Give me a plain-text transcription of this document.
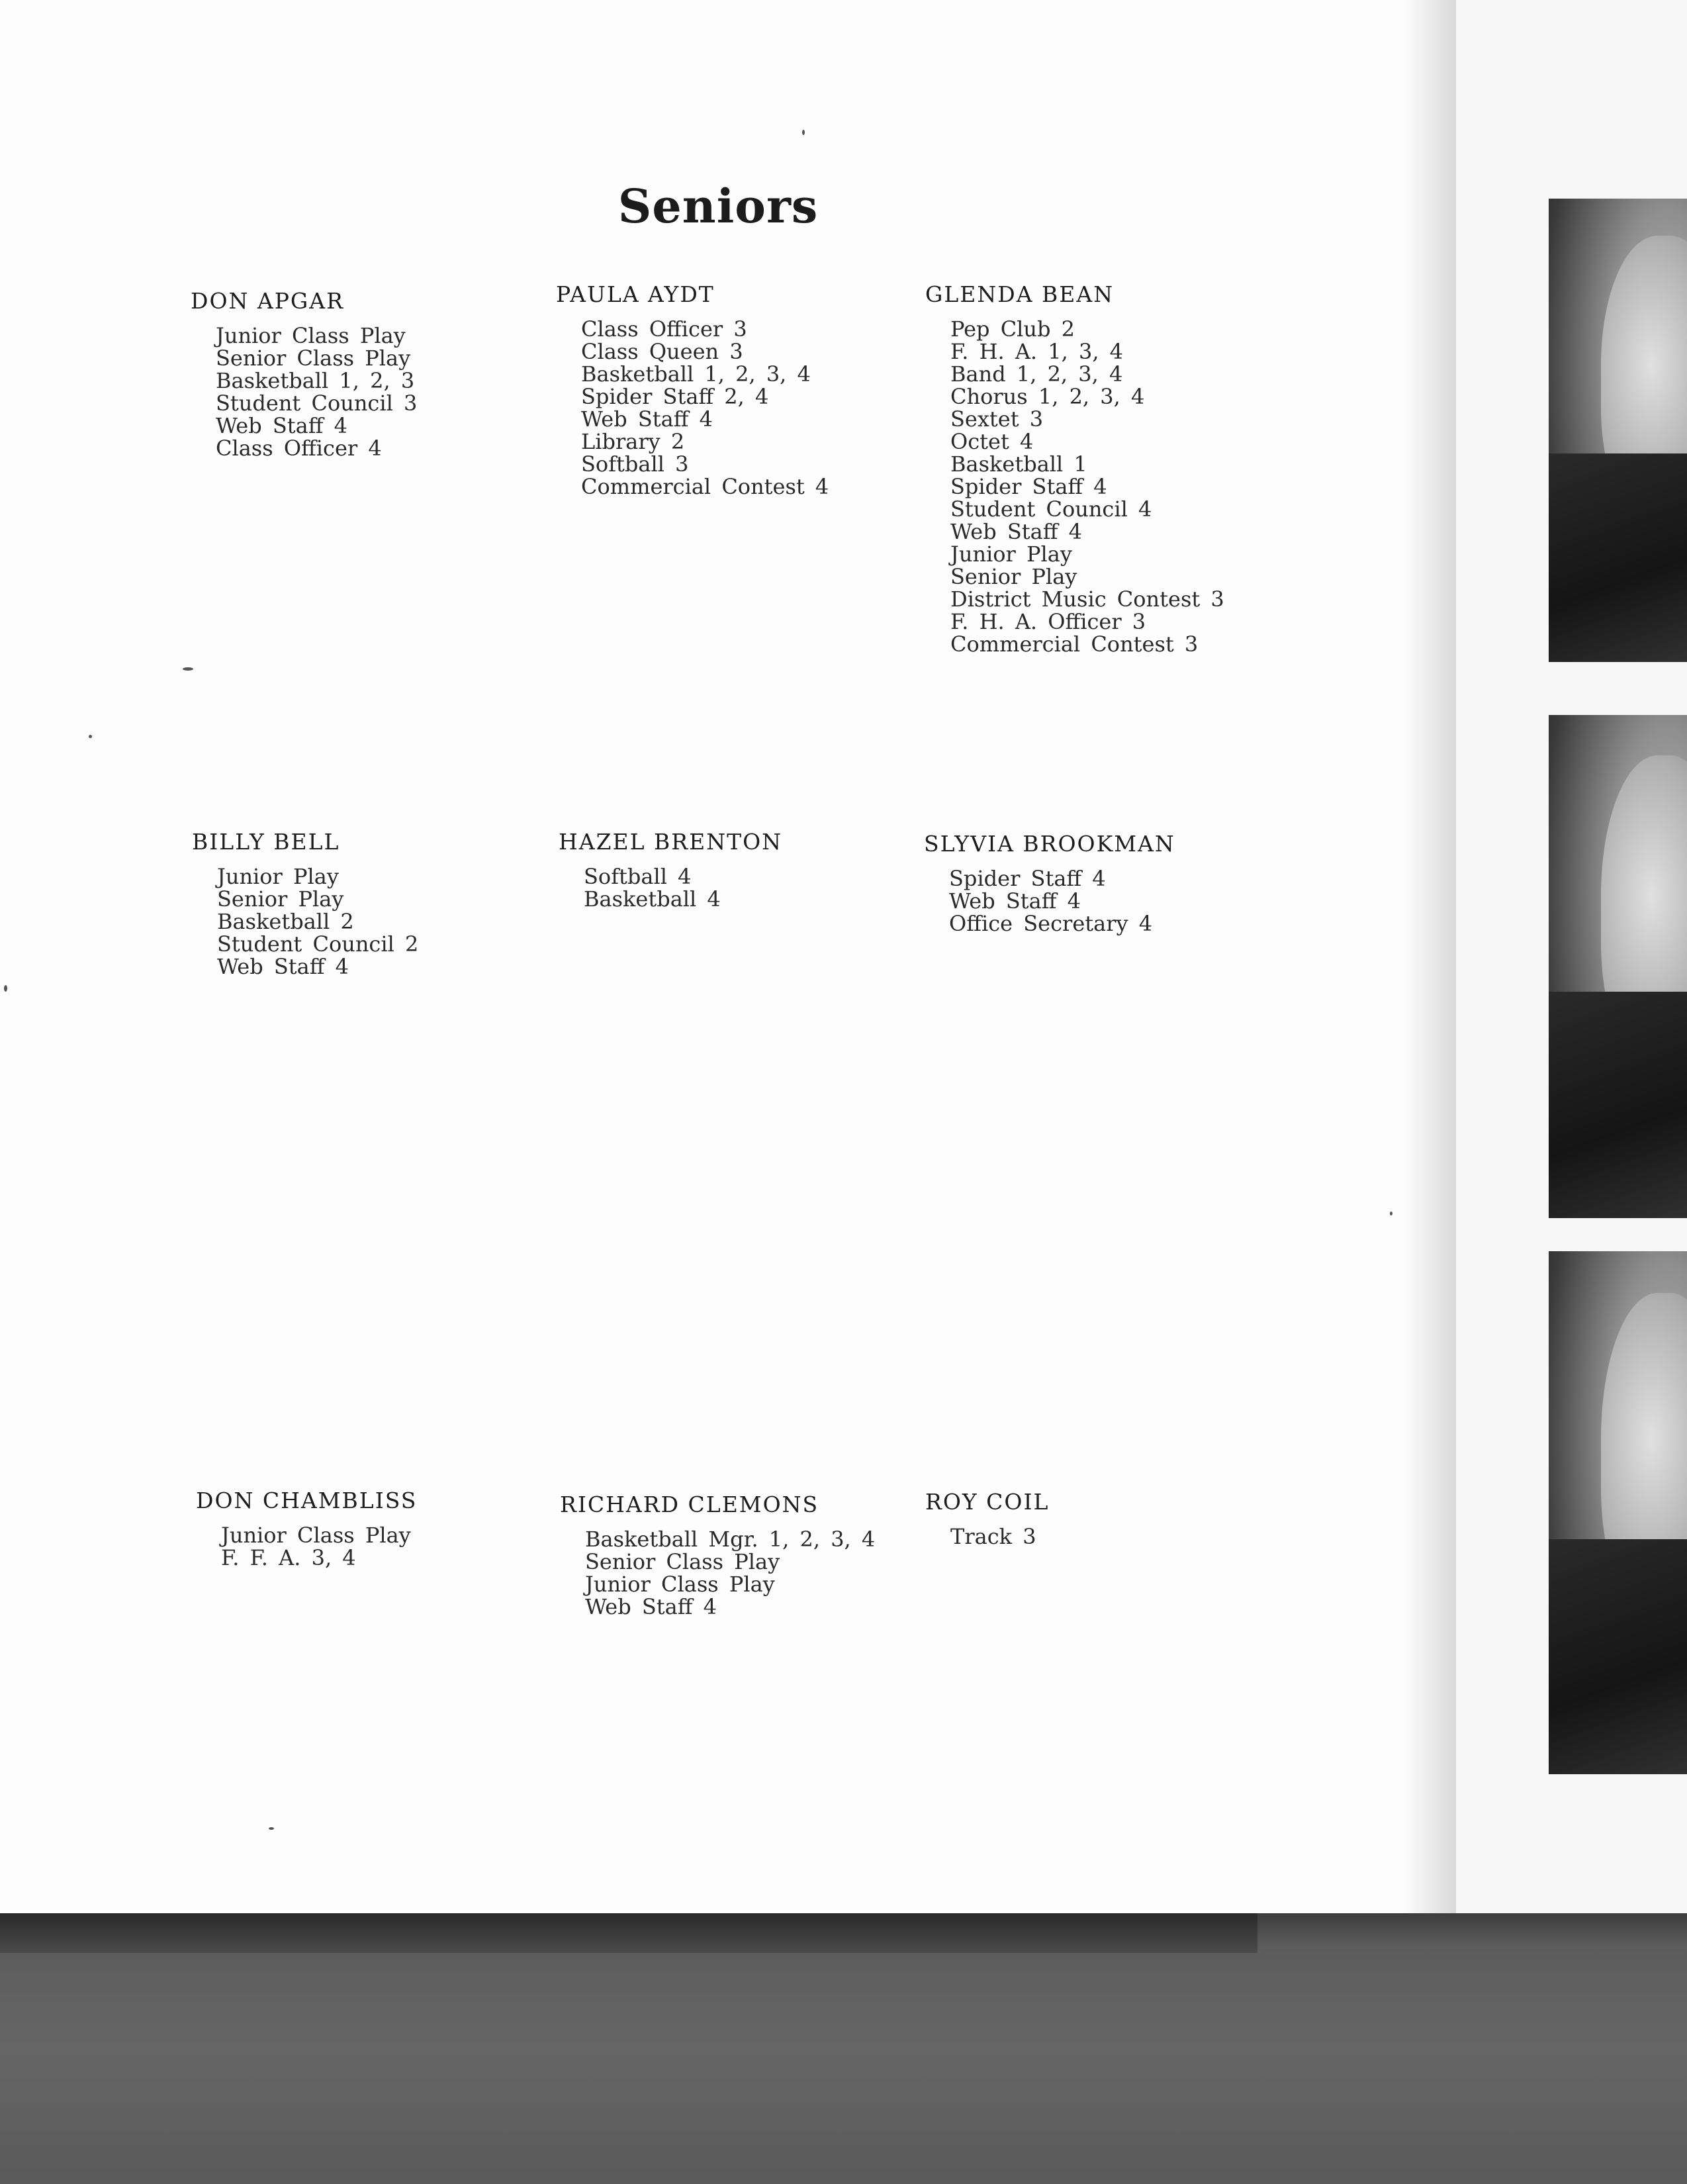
Seniors
DON APGAR
Junior Class Play
Senior Class Play
Basketball 1, 2, 3
Student Council 3
Web Staff 4
Class Officer 4
PAULA AYDT
Class Officer 3
Class Queen 3
Basketball 1, 2, 3, 4
Spider Staff 2, 4
Web Staff 4
Library 2
Softball 3
Commercial Contest 4
GLENDA BEAN
Pep Club 2
F. H. A. 1, 3, 4
Band 1, 2, 3, 4
Chorus 1, 2, 3, 4
Sextet 3
Octet 4
Basketball 1
Spider Staff 4
Student Council 4
Web Staff 4
Junior Play
Senior Play
District Music Contest 3
F. H. A. Officer 3
Commercial Contest 3
BILLY BELL
Junior Play
Senior Play
Basketball 2
Student Council 2
Web Staff 4
HAZEL BRENTON
Softball 4
Basketball 4
SLYVIA BROOKMAN
Spider Staff 4
Web Staff 4
Office Secretary 4
DON CHAMBLISS
Junior Class Play
F. F. A. 3, 4
RICHARD CLEMONS
Basketball Mgr. 1, 2, 3, 4
Senior Class Play
Junior Class Play
Web Staff 4
ROY COIL
Track 3
